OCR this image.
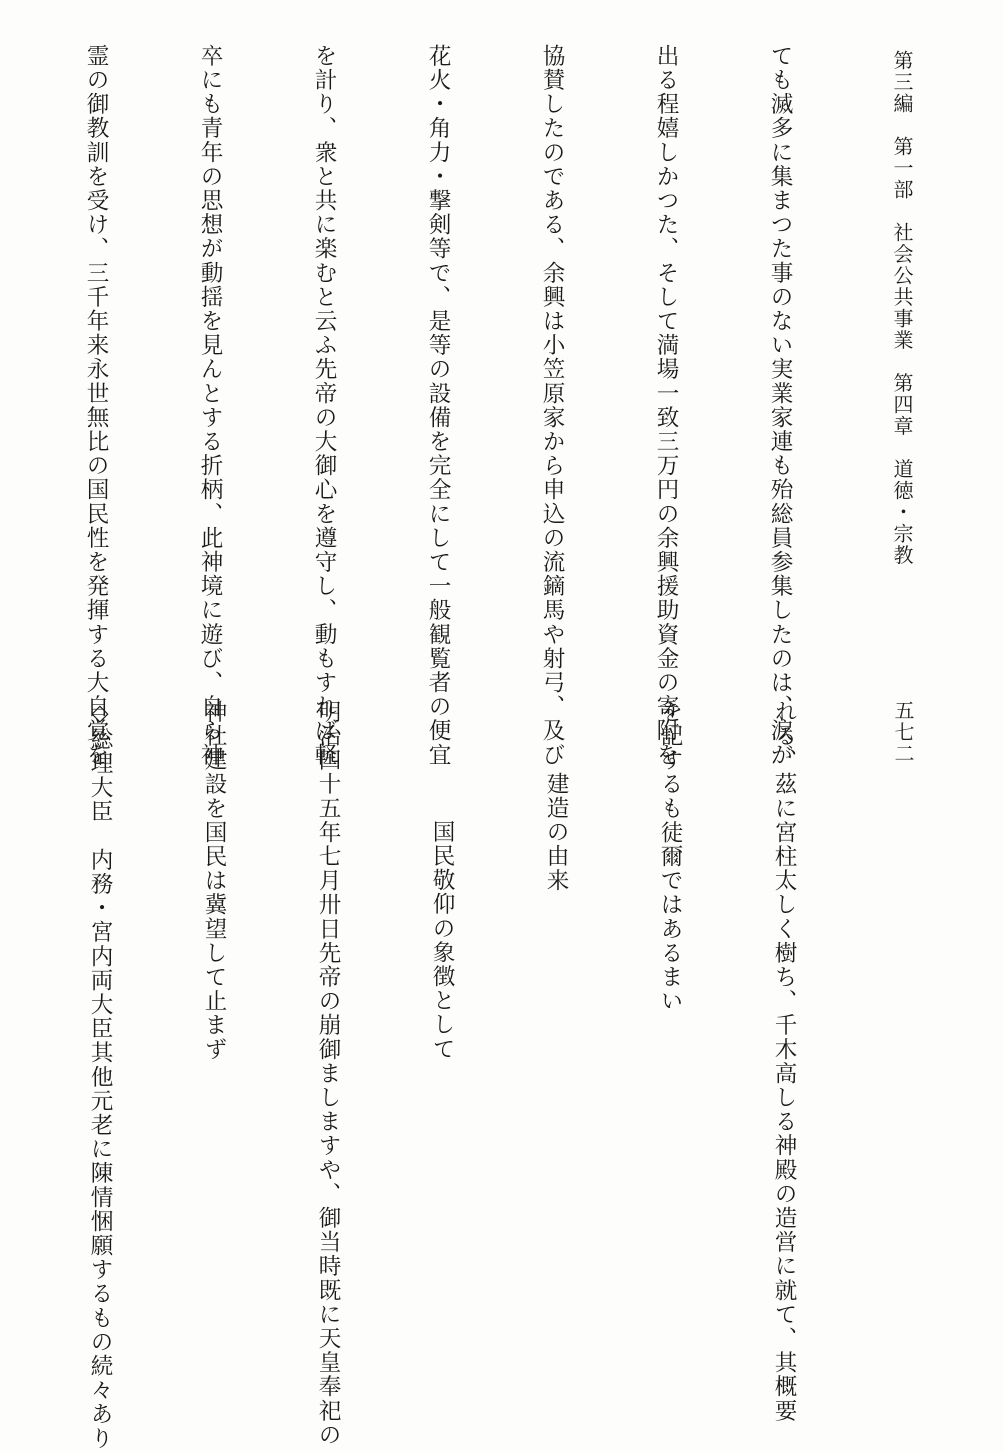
第三編　第一部　社会公共事業　第四章　道徳・宗教
五七二

ても滅多に集まつた事のない実業家連も殆総員参集したのは、涙が

出る程嬉しかつた、そして満場一致三万円の余興援助資金の寄附を

協賛したのである、余興は小笠原家から申込の流鏑馬や射弓、及び

花火・角力・撃剣等で、是等の設備を完全にして一般観覧者の便宜

を計り、衆と共に楽むと云ふ先帝の大御心を遵守し、動もすれば軽

卒にも青年の思想が動揺を見んとする折柄、此神境に遊び、自ら神

霊の御教訓を受け、三千年来永世無比の国民性を発揮する大自覚を

れる、茲に宮柱太しく樹ち、千木高しる神殿の造営に就て、其概要

を記するも徒爾ではあるまい

建造の由来

国民敬仰の象徴として

明治四十五年七月卅日先帝の崩御ましますや、御当時既に天皇奉祀の

神社建設を国民は冀望して止まず

◇総理大臣　内務・宮内両大臣其他元老に陳情悃願するもの続々あり
